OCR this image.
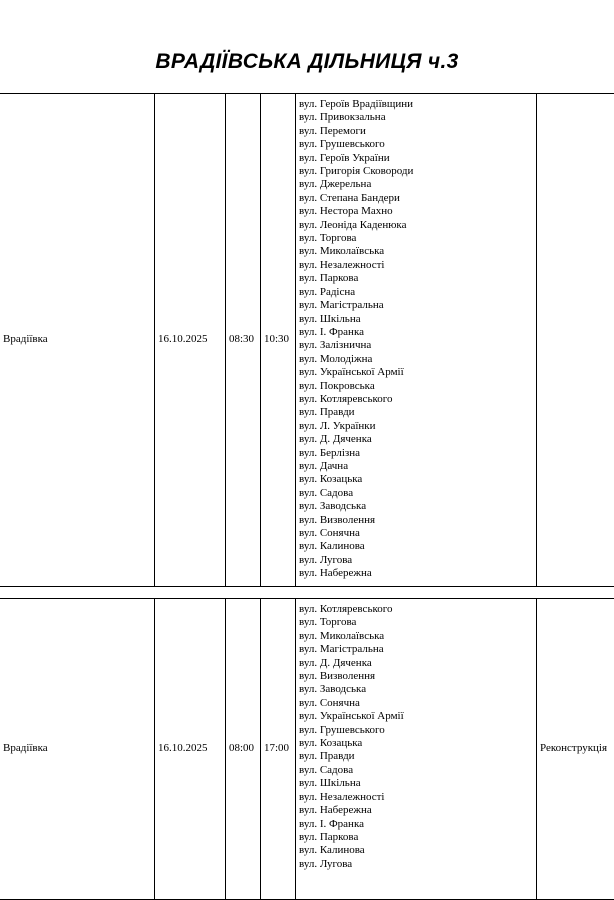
ВРАДІЇВСЬКА ДІЛЬНИЦЯ ч.3
Врадіївка	16.10.2025	08:30 10:30
вул. Героїв Врадіївщини
вул. Привокзальна
вул. Перемоги
вул. Грушевського
вул. Героїв України
вул. Григорія Сковороди
вул. Джерельна
вул. Степана Бандери
вул. Нестора Махно
вул. Леоніда Каденюка
вул. Торгова
вул. Миколаївська
вул. Незалежності
вул. Паркова
вул. Радісна
вул. Магістральна
вул. Шкільна
вул. І. Франка
вул. Залізнична
вул. Молодіжна
вул. Української Армії
вул. Покровська
вул. Котляревського
вул. Правди
вул. Л. Українки
вул. Д. Дяченка
вул. Берлізна
вул. Дачна
вул. Козацька
вул. Садова
вул. Заводська
вул. Визволення
вул. Сонячна
вул. Калинова
вул. Лугова
вул. Набережна
Врадіївка	16.10.2025	08:00 17:00
вул. Котляревського
вул. Торгова
вул. Миколаївська
вул. Магістральна
вул. Д. Дяченка
вул. Визволення
вул. Заводська
вул. Сонячна
вул. Української Армії
вул. Грушевського
вул. Козацька
вул. Правди
вул. Садова
вул. Шкільна
вул. Незалежності
вул. Набережна
вул. І. Франка
вул. Паркова
вул. Калинова
вул. Лугова
Реконструкція
